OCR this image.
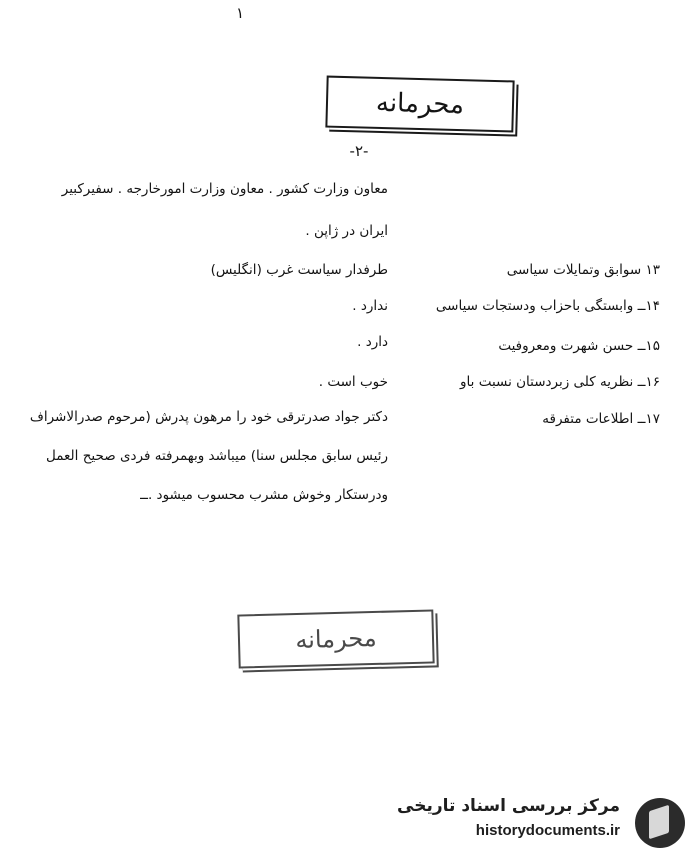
۱
محرمانه
-۲-
معاون وزارت کشور . معاون وزارت امورخارجه . سفیرکبیر
ایران در ژاپن .
۱۳ سوابق وتمایلات سیاسی
طرفدار سیاست غرب (انگلیس)
۱۴ــ وابستگی باحزاب ودستجات سیاسی
ندارد .
۱۵ــ حسن شهرت ومعروفیت
دارد .
۱۶ــ نظریه کلی زبردستان نسبت باو
خوب است .
۱۷ــ اطلاعات متفرقه
دکتر جواد صدرترقی خود را مرهون پدرش (مرحوم صدرالاشراف
رئیس سابق مجلس سنا) میباشد وبهمرفته فردی صحیح العمل
ودرستکار وخوش مشرب محسوب میشود .ــ
محرمانه
مرکز بررسی اسناد تاریخی
historydocuments.ir
